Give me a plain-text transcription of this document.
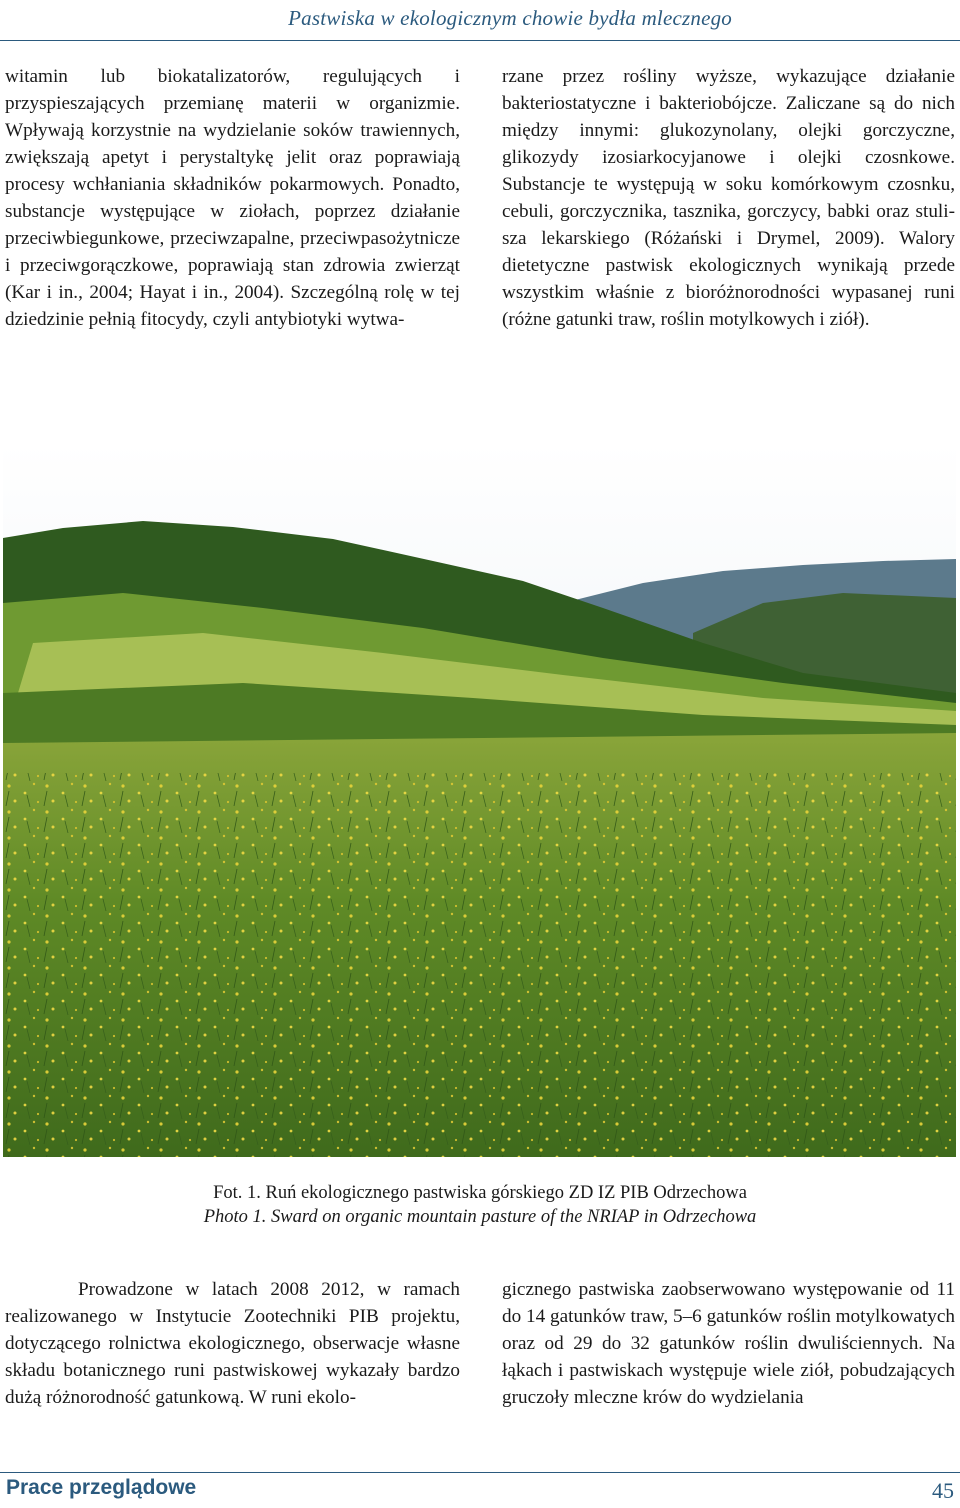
Pastwiska w ekologicznym chowie bydła mlecznego

witamin lub biokatalizatorów, regulujących i przyspieszających przemianę materii w organizmie. Wpływają korzystnie na wydzielanie soków trawiennych, zwiększają apetyt i perystaltykę jelit oraz poprawiają procesy wchłaniania składników pokarmowych. Ponadto, substancje występujące w ziołach, poprzez działanie przeciwbiegunkowe, przeciwzapalne, przeciwpasożytnicze i przeciwgorączkowe, poprawiają stan zdrowia zwierząt (Kar i in., 2004; Hayat i in., 2004). Szczególną rolę w tej dziedzinie pełnią fitocydy, czyli antybiotyki wytwa-

rzane przez rośliny wyższe, wykazujące działanie bakteriostatyczne i bakteriobójcze. Zaliczane są do nich między innymi: glukozynolany, olejki gorczyczne, glikozydy izosiarkocyjanowe i olejki czosnkowe. Substancje te występują w soku komórkowym czosnku, cebuli, gorczycznika, tasznika, gorczycy, babki oraz stulisza lekarskiego (Różański i Drymel, 2009). Walory dietetyczne pastwisk ekologicznych wynikają przede wszystkim właśnie z bioróżnorodności wypasanej runi (różne gatunki traw, roślin motylkowych i ziół).

Fot. 1. Ruń ekologicznego pastwiska górskiego ZD IZ PIB Odrzechowa
Photo 1. Sward on organic mountain pasture of the NRIAP in Odrzechowa

Prowadzone w latach 2008 2012, w ramach realizowanego w Instytucie Zootechniki PIB projektu, dotyczącego rolnictwa ekologicznego, obserwacje własne składu botanicznego runi pastwiskowej wykazały bardzo dużą różnorodność gatunkową. W runi ekolo-

gicznego pastwiska zaobserwowano występowanie od 11 do 14 gatunków traw, 5–6 gatunków roślin motylkowatych oraz od 29 do 32 gatunków roślin dwuliściennych. Na łąkach i pastwiskach występuje wiele ziół, pobudzających gruczoły mleczne krów do wydzielania

Prace przeglądowe	45
